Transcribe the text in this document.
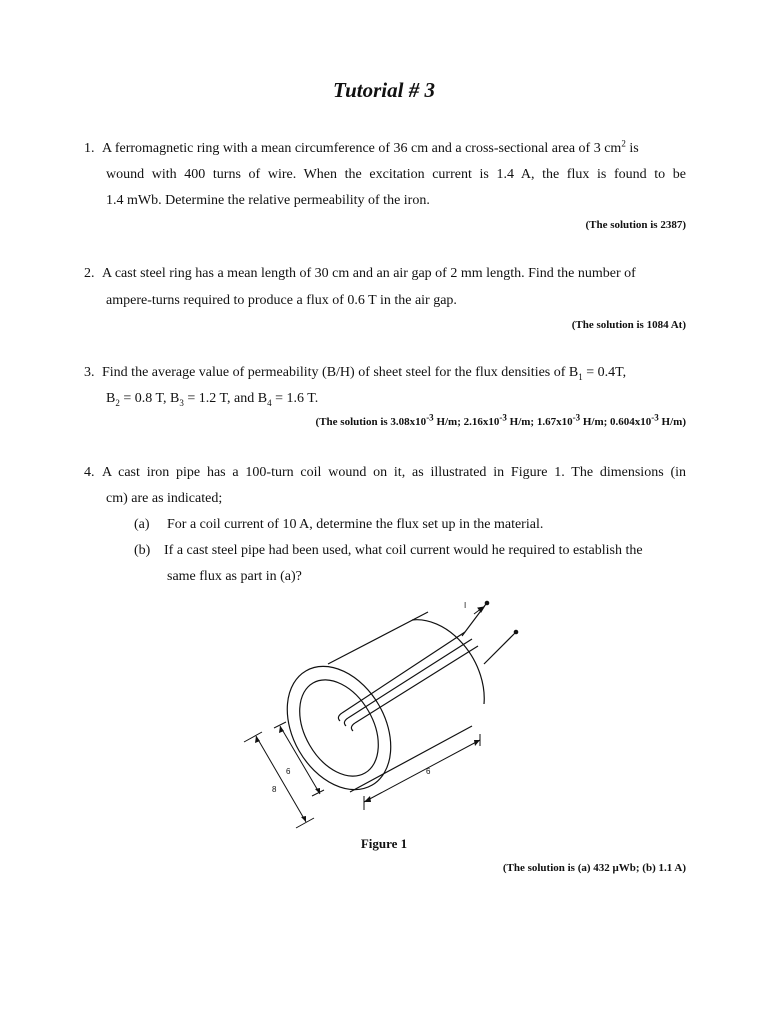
Tutorial # 3
1. A ferromagnetic ring with a mean circumference of 36 cm and a cross-sectional area of 3 $cm^2$ is
wound with 400 turns of wire. When the excitation current is 1.4 A, the flux is found to be
1.4 mWb. Determine the relative permeability of the iron.
(The solution is 2387)
2. A cast steel ring has a mean length of 30 cm and an air gap of 2 mm length. Find the number of
ampere-turns required to produce a flux of 0.6 T in the air gap.
(The solution is 1084 At)
3. Find the average value of permeability (B/H) of sheet steel for the flux densities of $B_1 = 0.4T$,
$B_2 = 0.8$ T, $B_3 = 1.2$ T, and $B_4 = 1.6$ T.
(The solution is $3.08x10^{-3}$ H/m; $2.16x10^{-3}$ H/m; $1.67x10^{-3}$ H/m; $0.604x10^{-3}$ H/m)
4. A cast iron pipe has a 100-turn coil wound on it, as illustrated in Figure 1. The dimensions (in
cm) are as indicated;
(a) For a coil current of 10 A, determine the flux set up in the material.
(b) If a cast steel pipe had been used, what coil current would he required to establish the
same flux as part in (a)?
I
8
6	6
Figure 1
(The solution is (a) 432 μWb; (b) 1.1 A)
